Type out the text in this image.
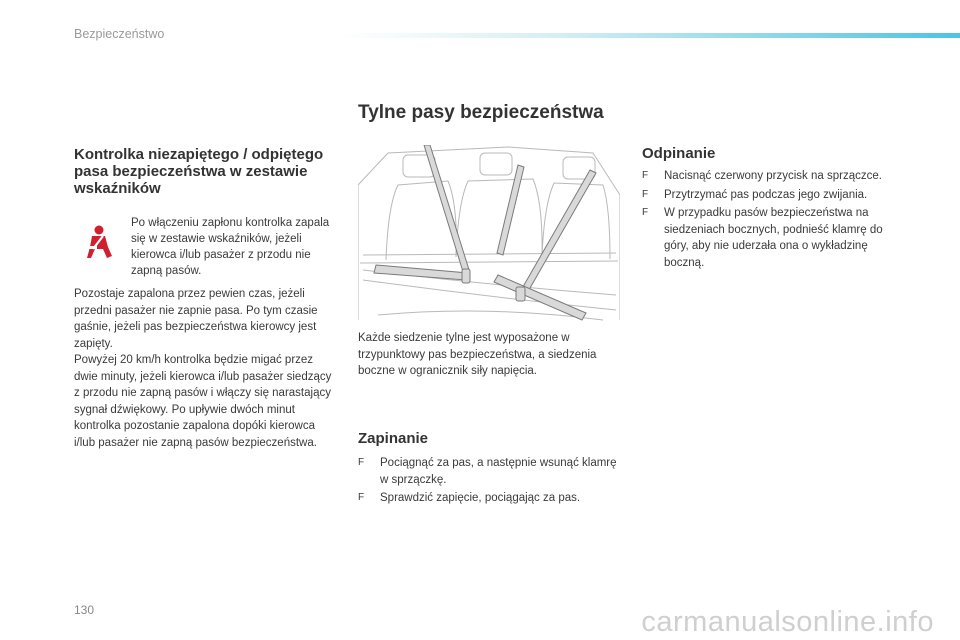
Bezpieczeństwo
Tylne pasy bezpieczeństwa
Kontrolka niezapiętego / odpiętego pasa bezpieczeństwa w zestawie wskaźników
Po włączeniu zapłonu kontrolka zapala się w zestawie wskaźników, jeżeli kierowca i/lub pasażer z przodu nie zapną pasów.
Pozostaje zapalona przez pewien czas, jeżeli przedni pasażer nie zapnie pasa. Po tym czasie gaśnie, jeżeli pas bezpieczeństwa kierowcy jest zapięty.
Powyżej 20 km/h kontrolka będzie migać przez dwie minuty, jeżeli kierowca i/lub pasażer siedzący z przodu nie zapną pasów i włączy się narastający sygnał dźwiękowy. Po upływie dwóch minut kontrolka pozostanie zapalona dopóki kierowca i/lub pasażer nie zapną pasów bezpieczeństwa.
Każde siedzenie tylne jest wyposażone w trzypunktowy pas bezpieczeństwa, a siedzenia boczne w ogranicznik siły napięcia.
Zapinanie
F	Pociągnąć za pas, a następnie wsunąć klamrę w sprzączkę.
F	Sprawdzić zapięcie, pociągając za pas.
Odpinanie
F	Nacisnąć czerwony przycisk na sprzączce.
F	Przytrzymać pas podczas jego zwijania.
F	W przypadku pasów bezpieczeństwa na siedzeniach bocznych, podnieść klamrę do góry, aby nie uderzała ona o wykładzinę boczną.
130	carmanualsonline.info
